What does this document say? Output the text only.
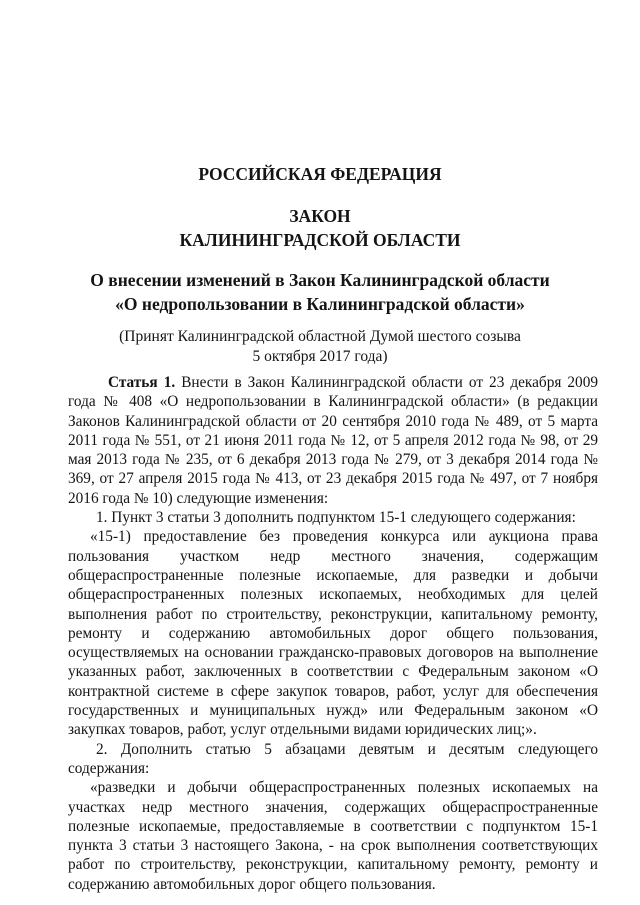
РОССИЙСКАЯ ФЕДЕРАЦИЯ
ЗАКОН
КАЛИНИНГРАДСКОЙ ОБЛАСТИ
О внесении изменений в Закон Калининградской области
«О недропользовании в Калининградской области»
(Принят Калининградской областной Думой шестого созыва
5 октября 2017 года)

Статья 1. Внести в Закон Калининградской области от 23 декабря 2009 года № 408 «О недропользовании в Калининградской области» (в редакции Законов Калининградской области от 20 сентября 2010 года № 489, от 5 марта 2011 года № 551, от 21 июня 2011 года № 12, от 5 апреля 2012 года № 98, от 29 мая 2013 года № 235, от 6 декабря 2013 года № 279, от 3 декабря 2014 года № 369, от 27 апреля 2015 года № 413, от 23 декабря 2015 года № 497, от 7 ноября 2016 года № 10) следующие изменения:

1. Пункт 3 статьи 3 дополнить подпунктом 15-1 следующего содержания:

«15-1) предоставление без проведения конкурса или аукциона права пользования участком недр местного значения, содержащим общераспространенные полезные ископаемые, для разведки и добычи общераспространенных полезных ископаемых, необходимых для целей выполнения работ по строительству, реконструкции, капитальному ремонту, ремонту и содержанию автомобильных дорог общего пользования, осуществляемых на основании гражданско-правовых договоров на выполнение указанных работ, заключенных в соответствии с Федеральным законом «О контрактной системе в сфере закупок товаров, работ, услуг для обеспечения государственных и муниципальных нужд» или Федеральным законом «О закупках товаров, работ, услуг отдельными видами юридических лиц;».

2. Дополнить статью 5 абзацами девятым и десятым следующего содержания:

«разведки и добычи общераспространенных полезных ископаемых на участках недр местного значения, содержащих общераспространенные полезные ископаемые, предоставляемые в соответствии с подпунктом 15-1 пункта 3 статьи 3 настоящего Закона, - на срок выполнения соответствующих работ по строительству, реконструкции, капитальному ремонту, ремонту и содержанию автомобильных дорог общего пользования.
